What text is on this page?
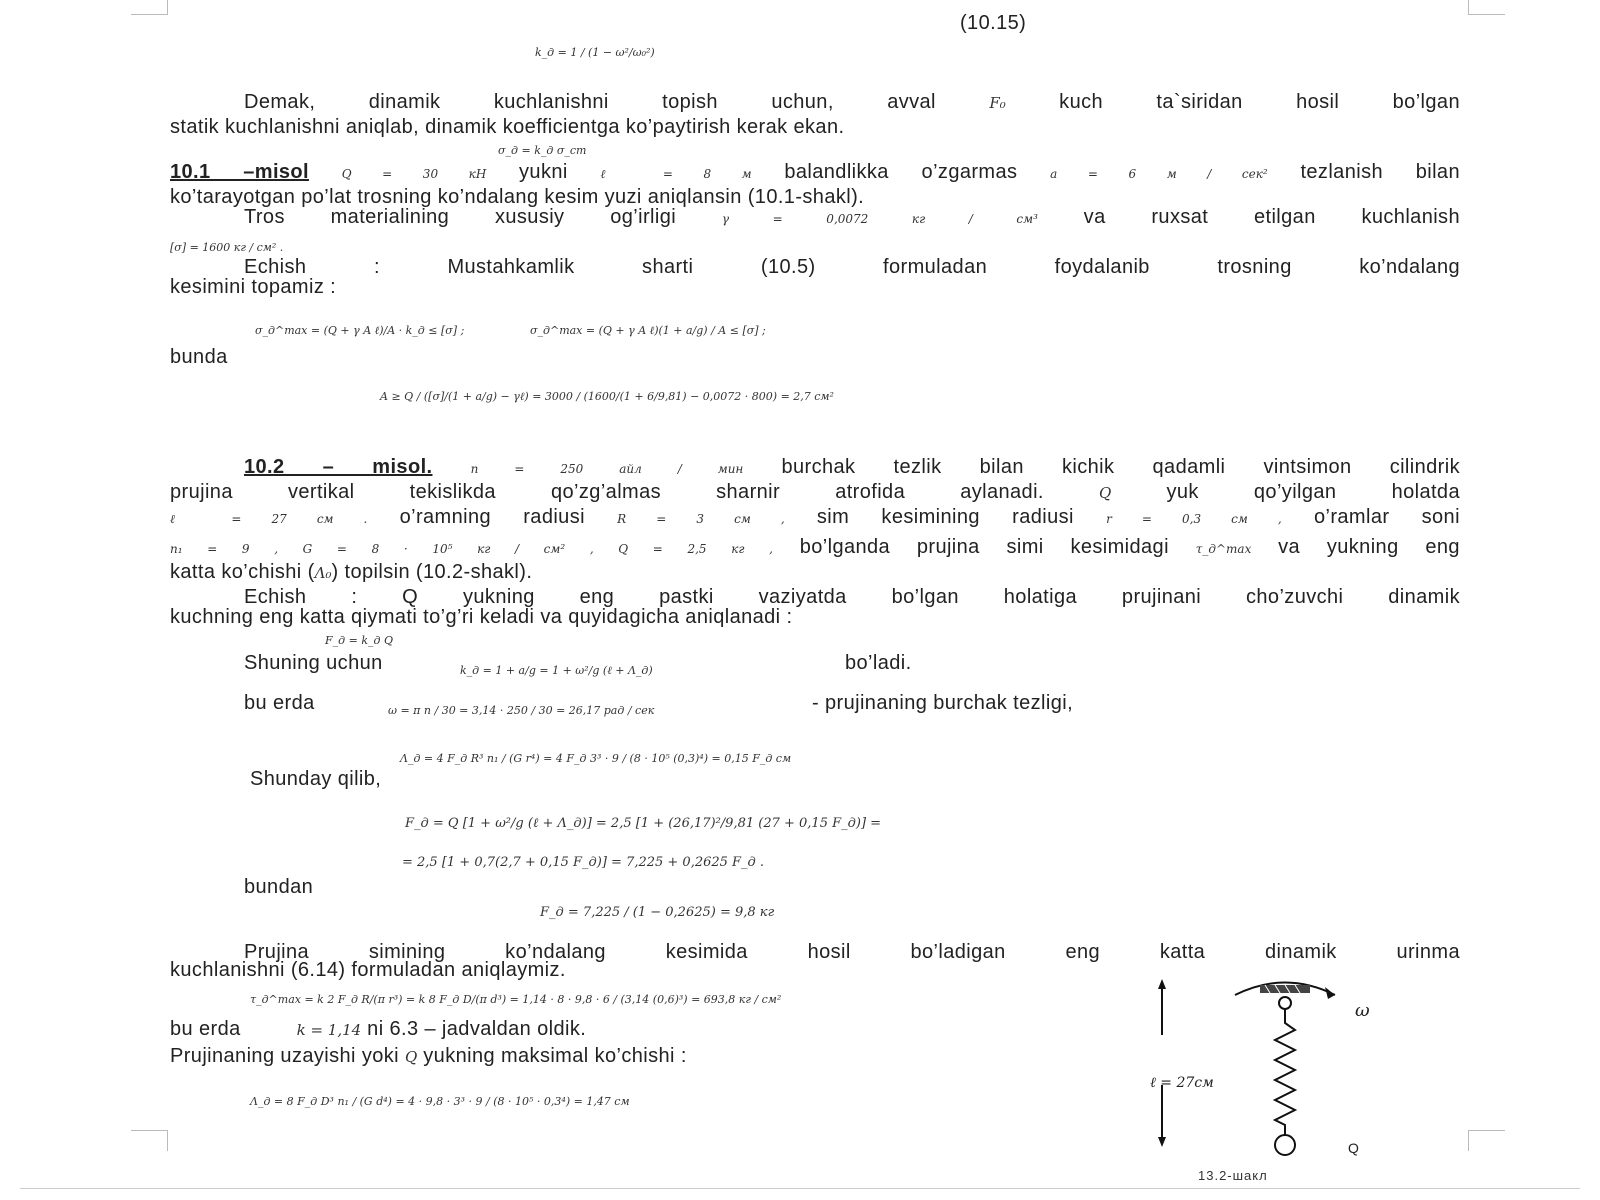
(10.15)
k_д = 1 / (1 − ω²/ω₀²)
Demak, dinamik kuchlanishni topish uchun, avval	F₀	kuch ta`siridan hosil bo’lgan
statik kuchlanishni aniqlab, dinamik koefficientga ko’paytirish kerak ekan.
σ_д = k_д σ_ст
10.1 –misol	Q = 30 кН yukni	ℓ = 8 м balandlikka o’zgarmas	a = 6 м / сек² tezlanish bilan
ko’tarayotgan po’lat trosning ko’ndalang kesim yuzi aniqlansin (10.1-shakl).
Tros materialining xususiy og’irligi	γ = 0,0072 кг / см³ va ruxsat etilgan kuchlanish
[σ] = 1600 кг / см² .
Echish : Mustahkamlik sharti (10.5) formuladan foydalanib trosning ko’ndalang
kesimini topamiz :
σ_д^max = (Q + γ A ℓ)/A · k_д ≤ [σ] ;	σ_д^max = (Q + γ A ℓ)(1 + a/g) / A ≤ [σ] ;
bunda
A ≥ Q / ([σ]/(1 + a/g) − γℓ) = 3000 / (1600/(1 + 6/9,81) − 0,0072 · 800) = 2,7 см²
10.2 – misol.	n = 250 айл / мин burchak tezlik bilan kichik qadamli vintsimon cilindrik
prujina vertikal tekislikda qo’zg’almas sharnir atrofida aylanadi.	Q	yuk qo’yilgan holatda
ℓ = 27 см . o’ramning radiusi	R = 3 см , sim kesimining radiusi	r = 0,3 см , o’ramlar soni
n₁ = 9 , G = 8 · 10⁵ кг / см² , Q = 2,5 кг , bo’lganda prujina simi kesimidagi τ_д^max va yukning eng
katta ko’chishi (Λ₀) topilsin (10.2-shakl).
Echish : Q yukning eng pastki vaziyatda bo’lgan holatiga prujinani cho’zuvchi dinamik
kuchning eng katta qiymati to’g’ri keladi va quyidagicha aniqlanadi :
F_д = k_д Q
Shuning uchun	k_д = 1 + a/g = 1 + ω²/g (ℓ + Λ_д)	bo’ladi.
bu erda	ω = π n / 30 = 3,14 · 250 / 30 = 26,17 рад / сек	- prujinaning burchak tezligi,
Λ_д = 4 F_д R³ n₁ / (G r⁴) = 4 F_д 3³ · 9 / (8 · 10⁵ (0,3)⁴) = 0,15 F_д см
Shunday qilib,
F_д = Q [1 + ω²/g (ℓ + Λ_д)] = 2,5 [1 + (26,17)²/9,81 (27 + 0,15 F_д)] =
= 2,5 [1 + 0,7(2,7 + 0,15 F_д)] = 7,225 + 0,2625 F_д .
bundan
F_д = 7,225 / (1 − 0,2625) = 9,8 кг
Prujina simining ko’ndalang kesimida hosil bo’ladigan eng katta dinamik urinma
kuchlanishni (6.14) formuladan aniqlaymiz.
τ_д^max = k 2 F_д R/(π r³) = k 8 F_д D/(π d³) = 1,14 · 8 · 9,8 · 6 / (3,14 (0,6)³) = 693,8 кг / см²
bu erda	k = 1,14 ni 6.3 – jadvaldan oldik.
Prujinaning uzayishi yoki Q yukning maksimal ko’chishi :
Λ_д = 8 F_д D³ n₁ / (G d⁴) = 4 · 9,8 · 3³ · 9 / (8 · 10⁵ · 0,3⁴) = 1,47 см
ℓ = 27см
ω
Q
13.2-шакл
